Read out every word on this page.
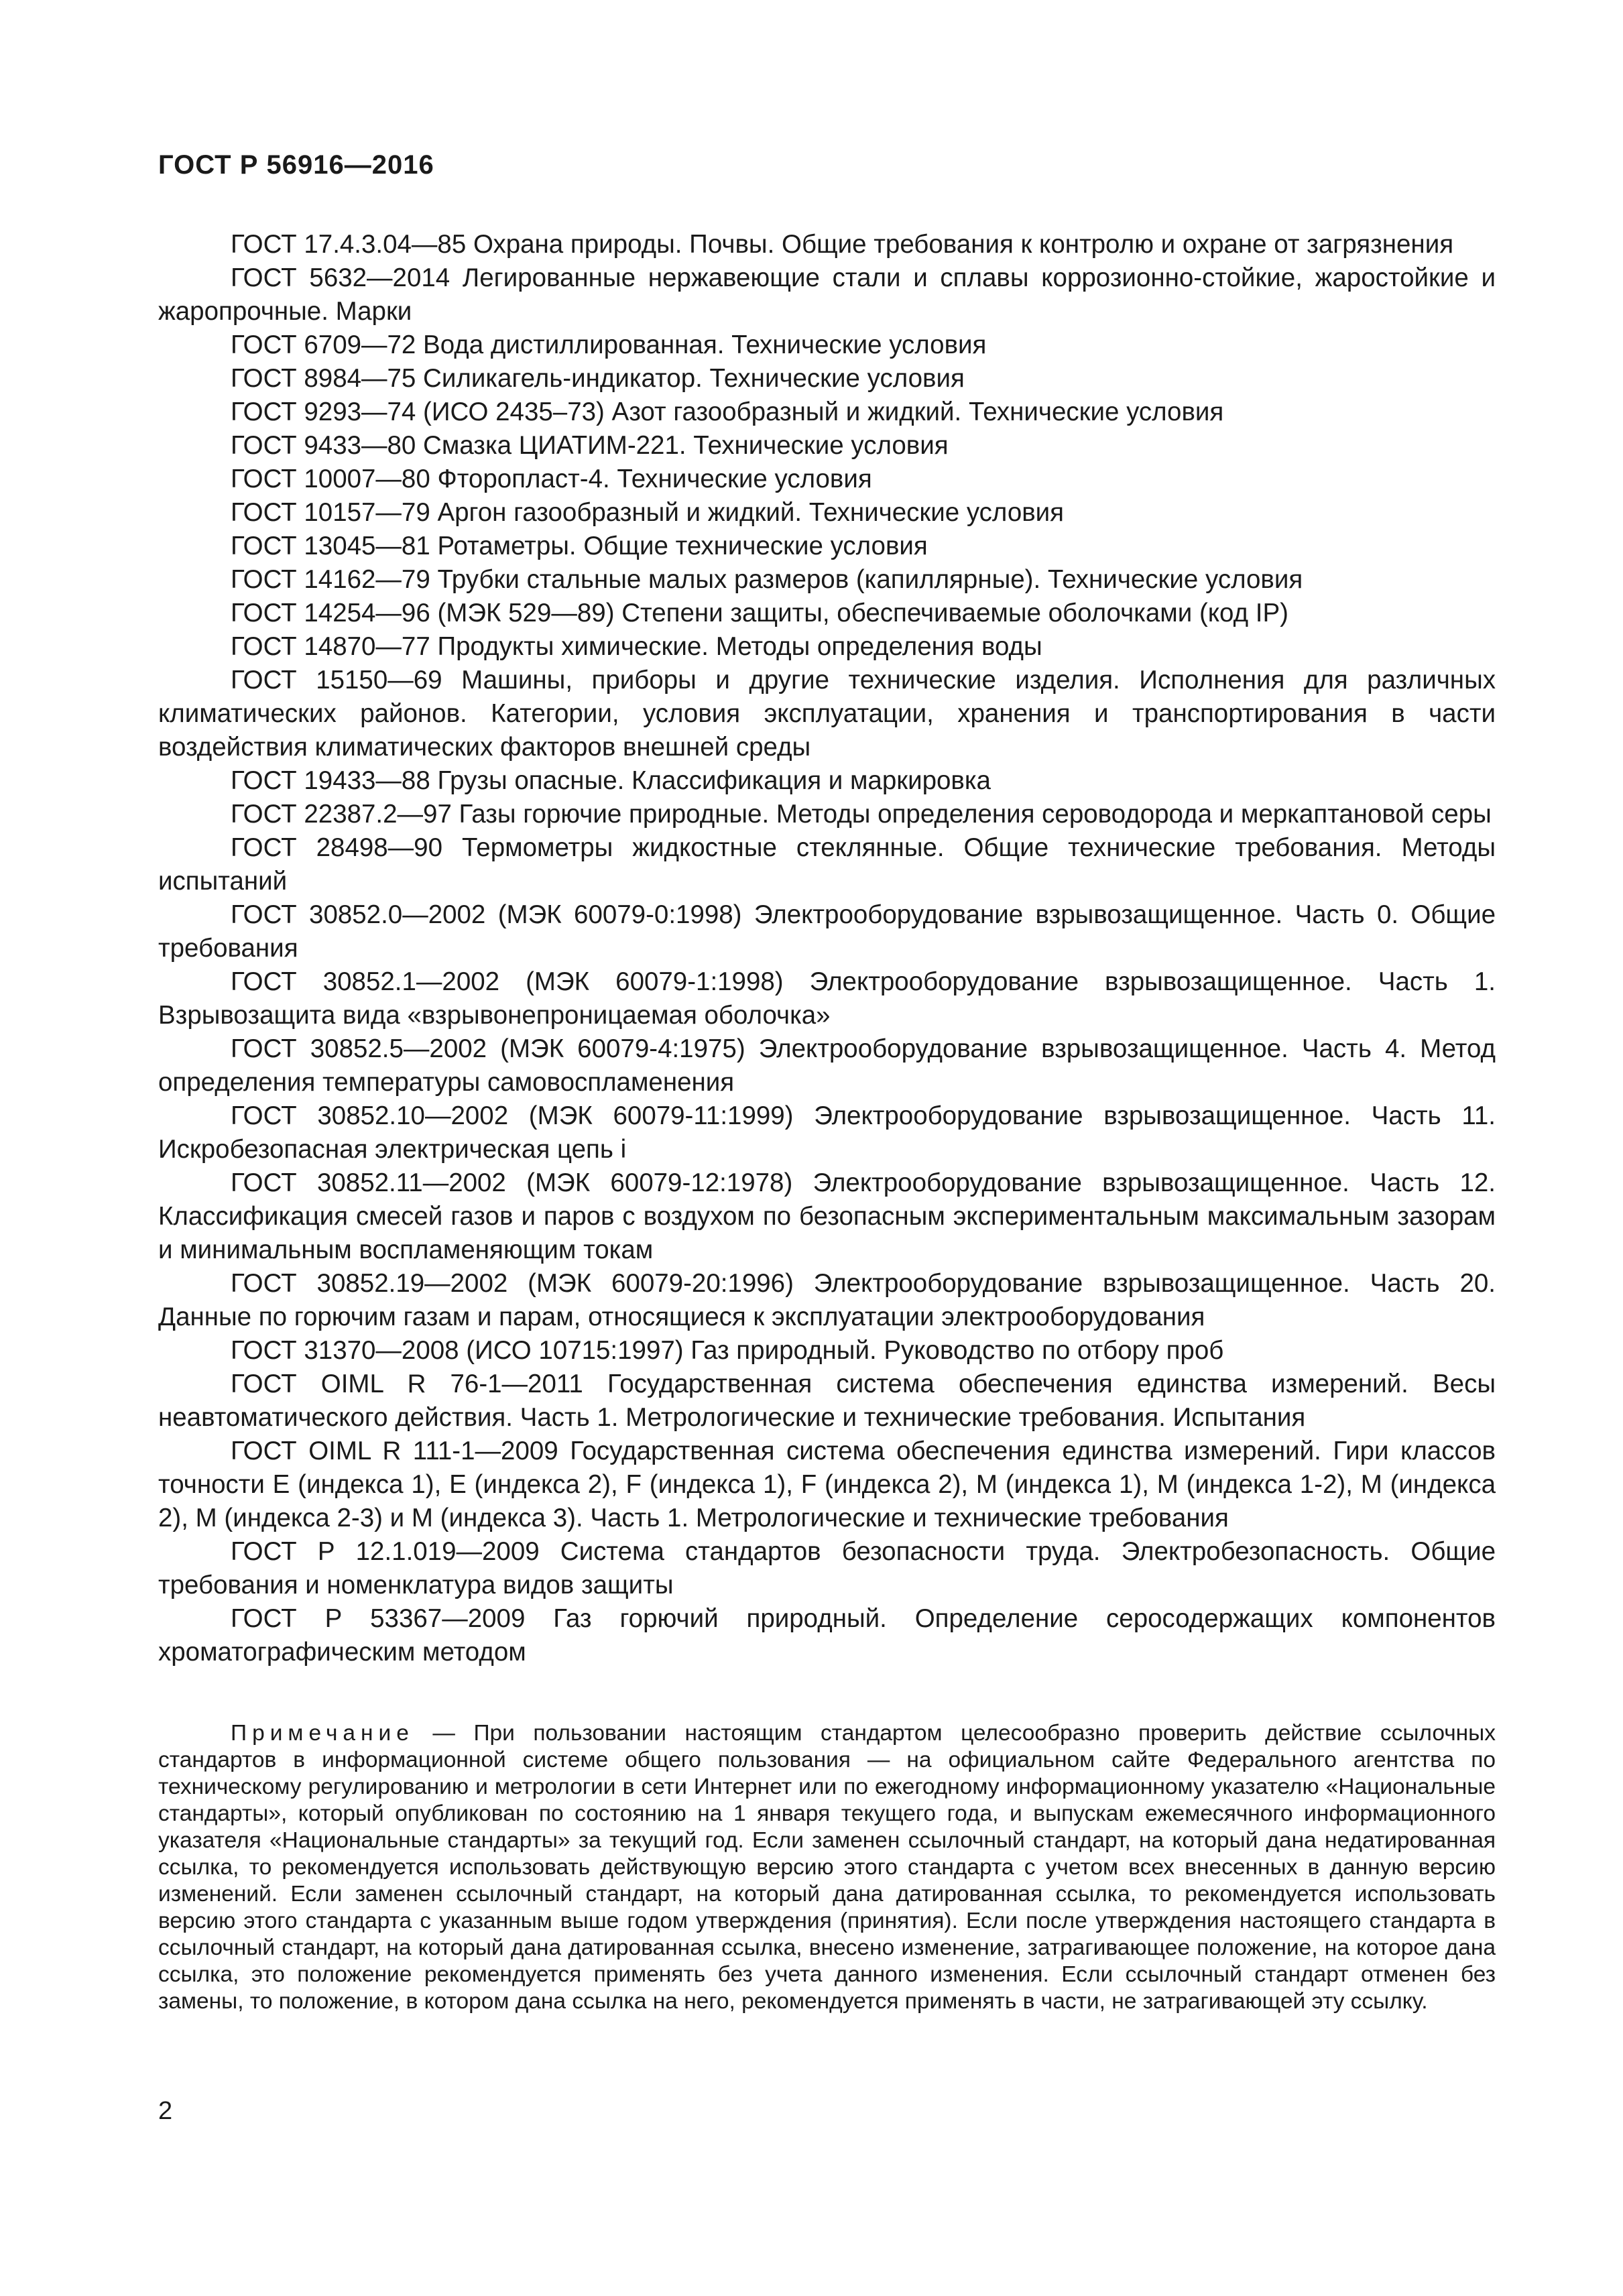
ГОСТ Р 56916—2016

ГОСТ 17.4.3.04—85 Охрана природы. Почвы. Общие требования к контролю и охране от загрязнения

ГОСТ 5632—2014 Легированные нержавеющие стали и сплавы коррозионно-стойкие, жаростойкие и жаропрочные. Марки

ГОСТ 6709—72 Вода дистиллированная. Технические условия

ГОСТ 8984—75 Силикагель-индикатор. Технические условия

ГОСТ 9293—74 (ИСО 2435–73) Азот газообразный и жидкий. Технические условия

ГОСТ 9433—80 Смазка ЦИАТИМ-221. Технические условия

ГОСТ 10007—80 Фторопласт-4. Технические условия

ГОСТ 10157—79 Аргон газообразный и жидкий. Технические условия

ГОСТ 13045—81 Ротаметры. Общие технические условия

ГОСТ 14162—79 Трубки стальные малых размеров (капиллярные). Технические условия

ГОСТ 14254—96 (МЭК 529—89) Степени защиты, обеспечиваемые оболочками (код IP)

ГОСТ 14870—77 Продукты химические. Методы определения воды

ГОСТ 15150—69 Машины, приборы и другие технические изделия. Исполнения для различных климатических районов. Категории, условия эксплуатации, хранения и транспортирования в части воздействия климатических факторов внешней среды

ГОСТ 19433—88 Грузы опасные. Классификация и маркировка

ГОСТ 22387.2—97 Газы горючие природные. Методы определения сероводорода и меркаптановой серы

ГОСТ 28498—90 Термометры жидкостные стеклянные. Общие технические требования. Методы испытаний

ГОСТ 30852.0—2002 (МЭК 60079-0:1998) Электрооборудование взрывозащищенное. Часть 0. Общие требования

ГОСТ 30852.1—2002 (МЭК 60079-1:1998) Электрооборудование взрывозащищенное. Часть 1. Взрывозащита вида «взрывонепроницаемая оболочка»

ГОСТ 30852.5—2002 (МЭК 60079-4:1975) Электрооборудование взрывозащищенное. Часть 4. Метод определения температуры самовоспламенения

ГОСТ 30852.10—2002 (МЭК 60079-11:1999) Электрооборудование взрывозащищенное. Часть 11. Искробезопасная электрическая цепь i

ГОСТ 30852.11—2002 (МЭК 60079-12:1978) Электрооборудование взрывозащищенное. Часть 12. Классификация смесей газов и паров с воздухом по безопасным экспериментальным максимальным зазорам и минимальным воспламеняющим токам

ГОСТ 30852.19—2002 (МЭК 60079-20:1996) Электрооборудование взрывозащищенное. Часть 20. Данные по горючим газам и парам, относящиеся к эксплуатации электрооборудования

ГОСТ 31370—2008 (ИСО 10715:1997) Газ природный. Руководство по отбору проб

ГОСТ OIML R 76-1—2011 Государственная система обеспечения единства измерений. Весы неавтоматического действия. Часть 1. Метрологические и технические требования. Испытания

ГОСТ OIML R 111-1—2009 Государственная система обеспечения единства измерений. Гири классов точности E (индекса 1), E (индекса 2), F (индекса 1), F (индекса 2), M (индекса 1), M (индекса 1-2), M (индекса 2), M (индекса 2-3) и M (индекса 3). Часть 1. Метрологические и технические требования

ГОСТ Р 12.1.019—2009 Система стандартов безопасности труда. Электробезопасность. Общие требования и номенклатура видов защиты

ГОСТ Р 53367—2009 Газ горючий природный. Определение серосодержащих компонентов хроматографическим методом

Примечание — При пользовании настоящим стандартом целесообразно проверить действие ссылочных стандартов в информационной системе общего пользования — на официальном сайте Федерального агентства по техническому регулированию и метрологии в сети Интернет или по ежегодному информационному указателю «Национальные стандарты», который опубликован по состоянию на 1 января текущего года, и выпускам ежемесячного информационного указателя «Национальные стандарты» за текущий год. Если заменен ссылочный стандарт, на который дана недатированная ссылка, то рекомендуется использовать действующую версию этого стандарта с учетом всех внесенных в данную версию изменений. Если заменен ссылочный стандарт, на который дана датированная ссылка, то рекомендуется использовать версию этого стандарта с указанным выше годом утверждения (принятия). Если после утверждения настоящего стандарта в ссылочный стандарт, на который дана датированная ссылка, внесено изменение, затрагивающее положение, на которое дана ссылка, это положение рекомендуется применять без учета данного изменения. Если ссылочный стандарт отменен без замены, то положение, в котором дана ссылка на него, рекомендуется применять в части, не затрагивающей эту ссылку.

2
